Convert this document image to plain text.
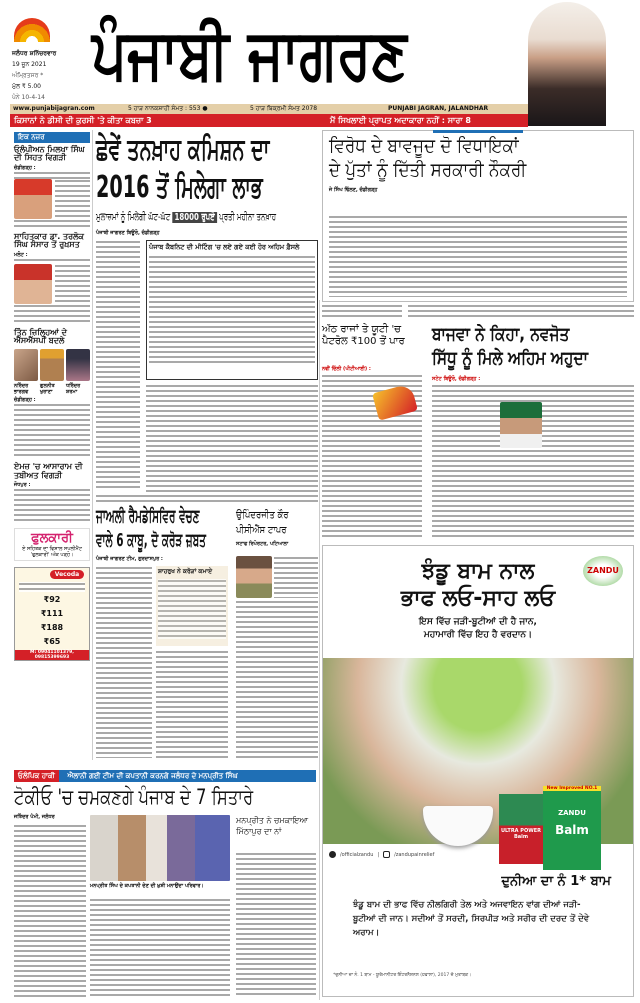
ਜਲੰਧਰ ਸ਼ਨਿੱਚਰਵਾਰ
19 ਜੂਨ 2021
ਅੰਮ੍ਰਿਤਸਰ *
ਮੁੱਲ ₹ 5.00
ਪੰਨੇ 10-4-14
ਪੰਜਾਬੀ ਜਾਗਰਣ
www.punjabijagran.com	5 ਹਾੜ ਨਾਨਕਸ਼ਾਹੀ ਸੰਮਤ : 553 ●	5 ਹਾੜ ਬਿਕ੍ਰਮੀ ਸੰਮਤ 2078	PUNJABI JAGRAN, JALANDHAR
ਕਿਸਾਨਾਂ ਨੇ ਡੀਸੀ ਦੀ ਕੁਰਸੀ 'ਤੇ ਕੀਤਾ ਕਬਜ਼ਾ 3	ਮੈਂ ਸਿਖਲਾਈ ਪ੍ਰਾਪਤ ਅਦਾਕਾਰਾ ਨਹੀਂ : ਸਾਰਾ 8
ਇਕ ਨਜ਼ਰ
ਓਲੰਪੀਅਨ ਮਿਲਖਾ ਸਿੰਘ ਦੀ ਸਿਹਤ ਵਿਗੜੀ
ਚੰਡੀਗੜ੍ਹ :
ਸਾਹਿਤਕਾਰ ਡਾ. ਤਰਲੋਕ ਸਿੰਘ ਸੰਸਾਰ ਤੋਂ ਰੁਖ਼ਸਤ
ਮਲੋਟ :
ਤਿੰਨ ਜ਼ਿਲ੍ਹਿਆਂ ਦੇ ਐੱਸਐੱਸਪੀ ਬਦਲੇ
ਨਰਿੰਦਰ ਭਾਰਗਵ
ਗੁਲਨੀਤ ਖੁਰਾਣਾ
ਧਰਿੰਦਰ ਸ਼ਰਮਾ
ਚੰਡੀਗੜ੍ਹ :
ਏਮਜ਼ 'ਚ ਆਸਾਰਾਮ ਦੀ ਤਬੀਅਤ ਵਿਗੜੀ
ਜੋਧਪੁਰ :
ਫੁਲਕਾਰੀ
ਏ ਸਹਿਤਕ ਦਾ ਵਿਸ਼ਾਲ ਸਪਲੀਮੈਂਟ 'ਫੁਲਕਾਰੀ' ਅੰਕ ਪੜ੍ਹੋ।
Vecoda
₹92
₹111
₹188
₹65
M: 09041101379, 09815399693
ਛੇਵੇਂ ਤਨਖ਼ਾਹ ਕਮਿਸ਼ਨ ਦਾ
2016 ਤੋਂ ਮਿਲੇਗਾ ਲਾਭ
ਮੁਲਾਜ਼ਮਾਂ ਨੂੰ ਮਿਲੇਗੀ ਘੱਟ-ਘੱਟ 18000 ਰੁਪਏ ਪ੍ਰਤੀ ਮਹੀਨਾ ਤਨਖ਼ਾਹ
ਪੰਜਾਬੀ ਜਾਗਰਣ ਬਿਊਰੋ, ਚੰਡੀਗੜ੍ਹ
ਪੰਜਾਬ ਕੈਬਨਿਟ ਦੀ ਮੀਟਿੰਗ 'ਚ ਲਏ ਗਏ ਕਈ ਹੋਰ ਅਹਿਮ ਫ਼ੈਸਲੇ
ਵਿਰੋਧ ਦੇ ਬਾਵਜੂਦ ਦੋ ਵਿਧਾਇਕਾਂ
ਦੇ ਪੁੱਤਾਂ ਨੂੰ ਦਿੱਤੀ ਸਰਕਾਰੀ ਨੌਕਰੀ
ਜੇ ਸਿੰਘ ਢਿੱਲਣ, ਚੰਡੀਗੜ੍ਹ
ਅੱਠ ਰਾਜਾਂ ਤੇ ਯੂਟੀ 'ਚ ਪੈਟਰੋਲ ₹100 ਤੋਂ ਪਾਰ
ਨਵੀਂ ਦਿੱਲੀ (ਪੀਟੀਆਈ) :
ਬਾਜਵਾ ਨੇ ਕਿਹਾ, ਨਵਜੋਤ
ਸਿੱਧੂ ਨੂੰ ਮਿਲੇ ਅਹਿਮ ਅਹੁਦਾ
ਸਟੇਟ ਬਿਊਰੋ, ਚੰਡੀਗੜ੍ਹ :
ਜਾਅਲੀ ਰੈਮਡੇਸਿਵਿਰ ਵੇਚਣ
ਵਾਲੇ 6 ਕਾਬੂ, ਦੋ ਕਰੋੜ ਜ਼ਬਤ
ਪੰਜਾਬੀ ਜਾਗਰਣ ਟੀਮ, ਗੁਰਦਾਸਪੁਰ :
ਸ਼ਾਹਰੁਖ ਨੇ ਕਰੋੜਾਂ ਕਮਾਏ
ਉਪਿੰਦਰਜੀਤ ਕੌਰ
ਪੀਸੀਐੱਸ ਟਾਪਰ
ਸਟਾਫ ਰਿਪੋਰਟਰ, ਪਟਿਆਲਾ
ZANDU
ਝੰਡੂ ਬਾਮ ਨਾਲ
ਭਾਫ ਲਓ-ਸਾਹ ਲਓ
ਇਸ ਵਿੱਚ ਜੜੀ-ਬੂਟੀਆਂ ਦੀ ਹੈ ਜਾਨ,
ਮਹਾਮਾਰੀ ਵਿੱਚ ਇਹ ਹੈ ਵਰਦਾਨ।
ULTRA POWER
Balm
New Improved NO.1
ZANDU
Balm
/officialzandu |	/zandupainrelief
ਦੁਨੀਆ ਦਾ ਨੰ 1* ਬਾਮ
ਝੰਡੂ ਬਾਮ ਦੀ ਭਾਫ ਵਿੱਚ ਨੀਲਗਿਰੀ ਤੇਲ ਅਤੇ ਅਜਵਾਇਨ ਵਾਂਗ ਦੀਆਂ ਜੜੀ-ਬੂਟੀਆਂ ਦੀ ਜਾਨ। ਸਦੀਆਂ ਤੋਂ ਸਰਦੀ, ਸਿਰਪੀੜ ਅਤੇ ਸਰੀਰ ਦੀ ਦਰਦ ਤੋਂ ਦੇਵੇ ਅਰਾਮ।
*ਦੁਨੀਆ ਦਾ ਨੰ. 1 ਬਾਮ - ਯੂਰੋਮਾਨੀਟਰ ਇੰਟਰਨੈਸ਼ਨਲ (ਹਵਾਲਾ), 2017 ਦੇ ਮੁਤਾਬਕ।
ਓਲੰਪਿਕ ਹਾਕੀ ਐਲਾਨੀ ਗਈ ਟੀਮ ਦੀ ਕਪਤਾਨੀ ਕਰਨਗੇ ਜਲੰਧਰ ਦੇ ਮਨਪ੍ਰੀਤ ਸਿੰਘ
ਟੋਕੀਓ 'ਚ ਚਮਕਣਗੇ ਪੰਜਾਬ ਦੇ 7 ਸਿਤਾਰੇ
ਜਤਿੰਦਰ ਪੰਮੀ, ਜਲੰਧਰ
ਮਨਪ੍ਰੀਤ ਸਿੰਘ ਦੇ ਕਪਤਾਨੀ ਦੇਣ ਦੀ ਖ਼ੁਸ਼ੀ ਮਨਾਉਂਦਾ ਪਰਿਵਾਰ।
ਮਨਪ੍ਰੀਤ ਨੇ ਚਮਕਾਇਆ ਮਿੱਠਾਪੁਰ ਦਾ ਨਾਂ
